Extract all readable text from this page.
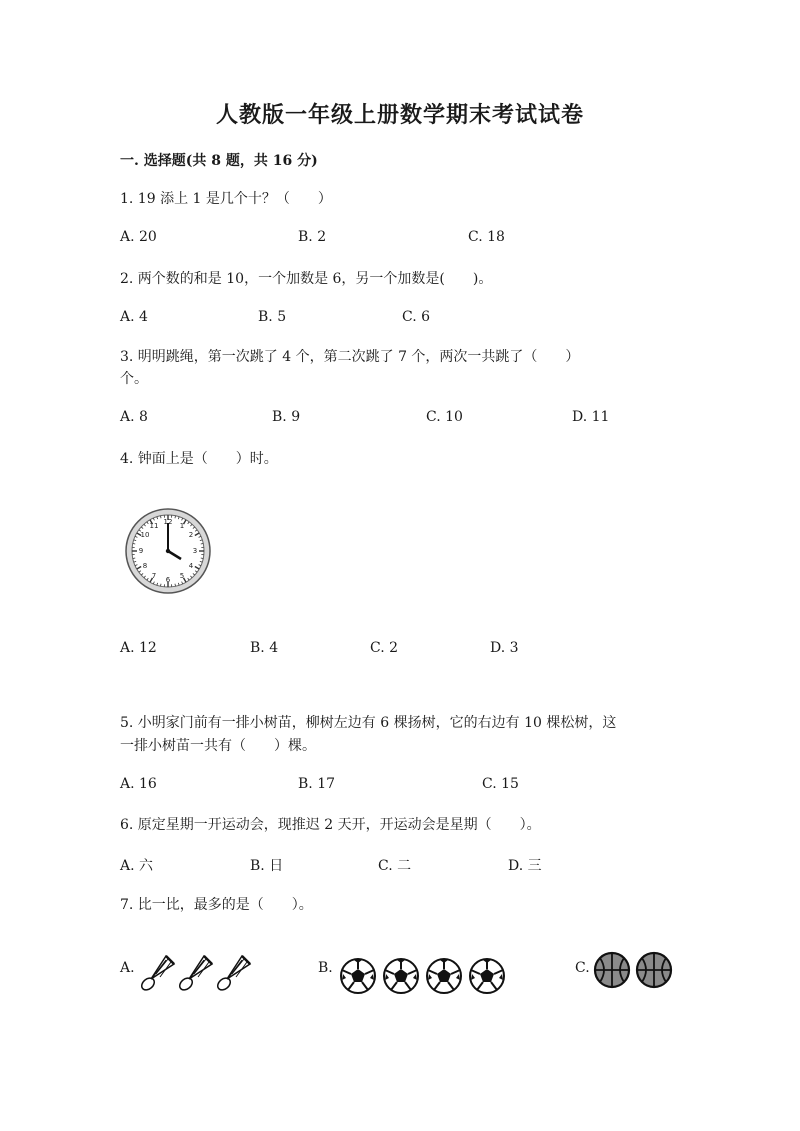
人教版一年级上册数学期末考试试卷
一. 选择题(共 8 题，共 16 分)
1. 19 添上 1 是几个十？（　　）
A. 20	B. 2	C. 18
2. 两个数的和是 10，一个加数是 6，另一个加数是(　　)。
A. 4	B. 5	C. 6
3. 明明跳绳，第一次跳了 4 个，第二次跳了 7 个，两次一共跳了（　　）
个。
A. 8	B. 9	C. 10	D. 11
4. 钟面上是（　　）时。
12 1
2
3
4
5
6
7
8
9
10
11
A. 12	B. 4	C. 2	D. 3
5. 小明家门前有一排小树苗，柳树左边有 6 棵扬树，它的右边有 10 棵松树，这
一排小树苗一共有（　　）棵。
A. 16	B. 17	C. 15
6. 原定星期一开运动会，现推迟 2 天开，开运动会是星期（　　）。
A. 六	B. 日	C. 二	D. 三
7. 比一比，最多的是（　　）。
A.	B.	C.
